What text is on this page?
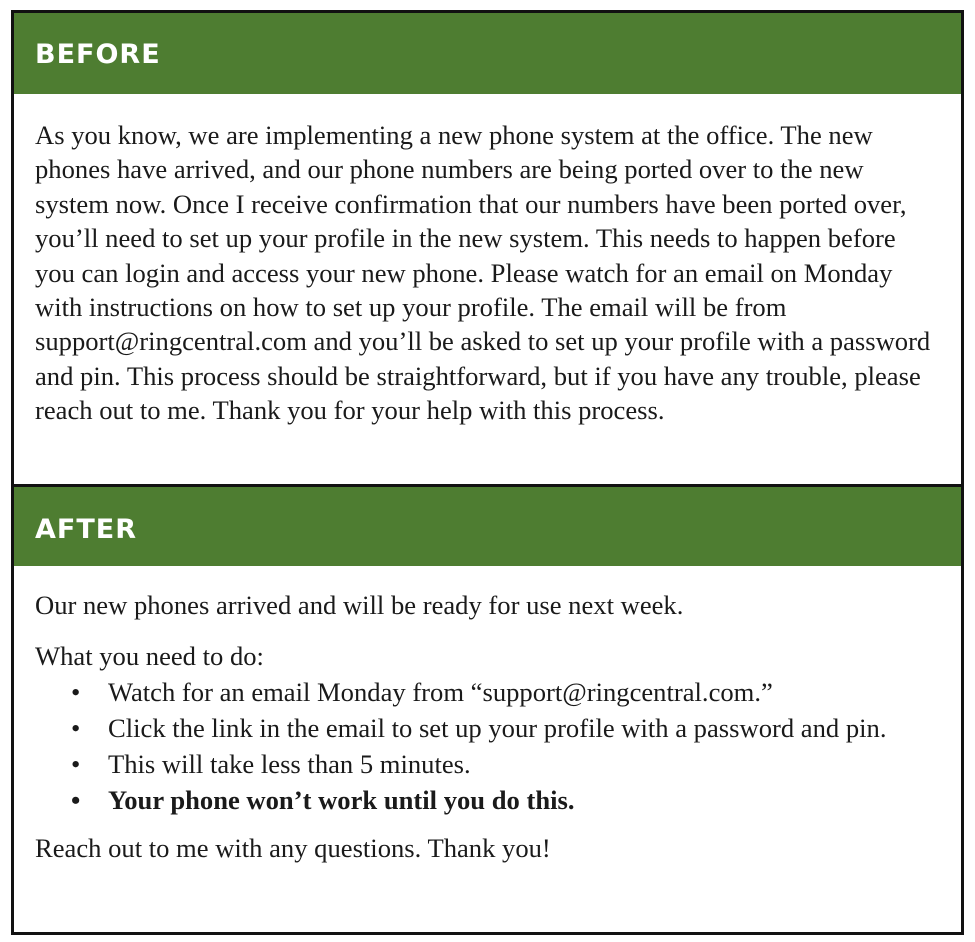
BEFORE
As you know, we are implementing a new phone system at the office. The new phones have arrived, and our phone numbers are being ported over to the new system now. Once I receive confirmation that our numbers have been ported over, you’ll need to set up your profile in the new system. This needs to happen before you can login and access your new phone. Please watch for an email on Monday with instructions on how to set up your profile. The email will be from support@ringcentral.com and you’ll be asked to set up your profile with a password and pin. This process should be straightforward, but if you have any trouble, please reach out to me. Thank you for your help with this process.
AFTER

Our new phones arrived and will be ready for use next week.

What you need to do:

• Watch for an email Monday from “support@ringcentral.com.”
• Click the link in the email to set up your profile with a password and pin.
• This will take less than 5 minutes.
• Your phone won’t work until you do this.

Reach out to me with any questions. Thank you!
